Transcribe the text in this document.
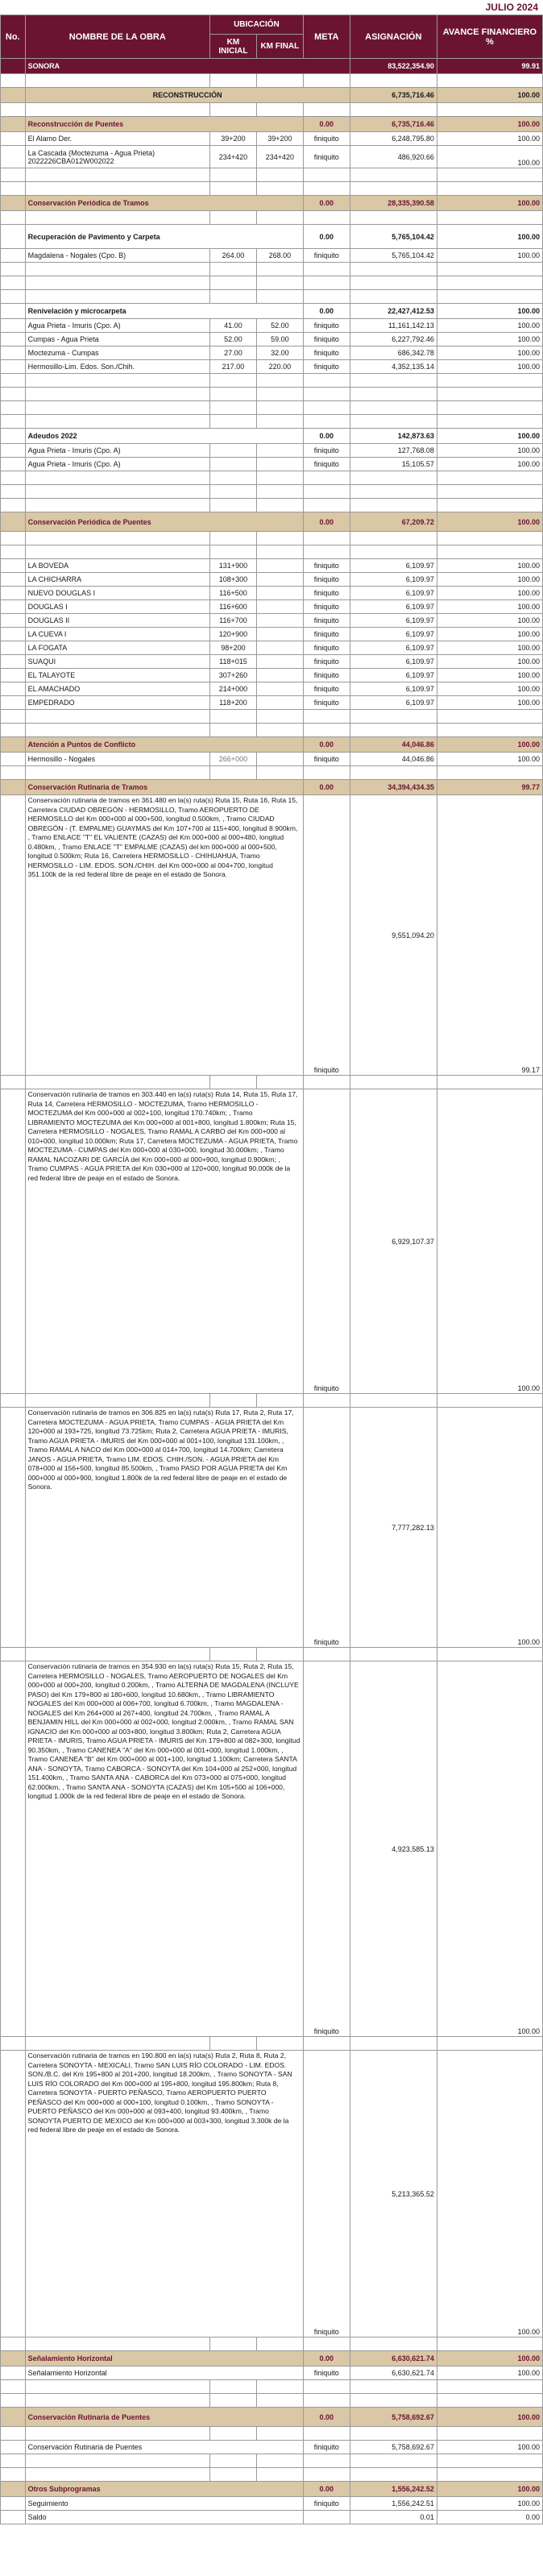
JULIO 2024
No.	NOMBRE DE LA OBRA	UBICACIÓN		META	ASIGNACIÓN	AVANCE FINANCIERO %
		KM INICIAL	KM FINAL			
	SONORA				83,522,354.90	99.91

	RECONSTRUCCIÓN				6,735,716.46	100.00

	Reconstrucción de Puentes			0.00	6,735,716.46	100.00
	El Alamo Der.	39+200	39+200	finiquito	6,248,795.80	100.00
	La Cascada (Moctezuma - Agua Prieta) 2022226CBA012W002022	234+420	234+420	finiquito	486,920.66	100.00

	Conservación Periódica de Tramos			0.00	28,335,390.58	100.00

	Recuperación de Pavimento y Carpeta			0.00	5,765,104.42	100.00
	Magdalena - Nogales (Cpo. B)	264.00	268.00	finiquito	5,765,104.42	100.00

	Renivelación y microcarpeta			0.00	22,427,412.53	100.00
	Agua Prieta - Imuris (Cpo. A)	41.00	52.00	finiquito	11,161,142.13	100.00
	Cumpas - Agua Prieta	52.00	59.00	finiquito	6,227,792.46	100.00
	Moctezuma - Cumpas	27.00	32.00	finiquito	686,342.78	100.00
	Hermosillo-Lim. Edos. Son./Chih.	217.00	220.00	finiquito	4,352,135.14	100.00

	Adeudos 2022			0.00	142,873.63	100.00
	Agua Prieta - Imuris (Cpo. A)			finiquito	127,768.08	100.00
	Agua Prieta - Imuris (Cpo. A)			finiquito	15,105.57	100.00

	Conservación Periódica de Puentes			0.00	67,209.72	100.00

	LA BOVEDA	131+900		finiquito	6,109.97	100.00
	LA CHICHARRA	108+300		finiquito	6,109.97	100.00
	NUEVO DOUGLAS I	116+500		finiquito	6,109.97	100.00
	DOUGLAS I	116+600		finiquito	6,109.97	100.00
	DOUGLAS II	116+700		finiquito	6,109.97	100.00
	LA CUEVA I	120+900		finiquito	6,109.97	100.00
	LA FOGATA	98+200		finiquito	6,109.97	100.00
	SUAQUI	118+015		finiquito	6,109.97	100.00
	EL TALAYOTE	307+260		finiquito	6,109.97	100.00
	EL AMACHADO	214+000		finiquito	6,109.97	100.00
	EMPEDRADO	118+200		finiquito	6,109.97	100.00

	Atención a Puntos de Conflicto			0.00	44,046.86	100.00
	Hermosillo - Nogales	266+000		finiquito	44,046.86	100.00

	Conservación Rutinaria de Tramos			0.00	34,394,434.35	99.77
	Conservación rutinaria de tramos en 361.480 en la(s) ruta(s) Ruta 15, Ruta 16, Ruta 15, Carretera CIUDAD OBREGÓN - HERMOSILLO, Tramo AEROPUERTO DE HERMOSILLO del Km 000+000 al 000+500, longitud 0.500km, , Tramo CIUDAD OBREGÓN - (T. EMPALME) GUAYMAS del Km 107+700 al 115+400, longitud 8.900km, , Tramo ENLACE "T" EL VALIENTE (CAZAS) del Km 000+000 al 000+480, longitud 0.480km, , Tramo ENLACE "T" EMPALME (CAZAS) del km 000+000 al 000+500, longitud 0.500km; Ruta 16, Carretera HERMOSILLO - CHIHUAHUA, Tramo HERMOSILLO - LIM. EDOS. SON./CHIH. del Km 000+000 al 004+700, longitud 351.100k de la red federal libre de peaje en el estado de Sonora.			finiquito	9,551,094.20	99.17

	Conservación rutinaria de tramos en 303.440 en la(s) ruta(s) Ruta 14, Ruta 15, Ruta 17, Ruta 14, Carretera HERMOSILLO - MOCTEZUMA, Tramo HERMOSILLO - MOCTEZUMA del Km 000+000 al 002+100, longitud 170.740km; , Tramo LIBRAMIENTO MOCTEZUMA del Km 000+000 al 001+800, longitud 1.800km; Ruta 15, Carretera HERMOSILLO - NOGALES, Tramo RAMAL A CARBO del Km 000+000 al 010+000, longitud 10.000km; Ruta 17, Carretera MOCTEZUMA - AGUA PRIETA, Tramo MOCTEZUMA - CUMPAS del Km 000+000 al 030+000, longitud 30.000km; , Tramo RAMAL NACOZARI DE GARCÍA del Km 000+000 al 000+900, longitud 0.900km; , Tramo CUMPAS - AGUA PRIETA del Km 030+000 al 120+000, longitud 90.000k de la red federal libre de peaje en el estado de Sonora.			finiquito	6,929,107.37	100.00

	Conservación rutinaria de tramos en 306.825 en la(s) ruta(s) Ruta 17, Ruta 2, Ruta 17, Carretera MOCTEZUMA - AGUA PRIETA, Tramo CUMPAS - AGUA PRIETA del Km 120+000 al 193+725, longitud 73.725km; Ruta 2, Carretera AGUA PRIETA - IMURIS, Tramo AGUA PRIETA - IMURIS del Km 000+000 al 001+100, longitud 131.100km, , Tramo RAMAL A NACO del Km 000+000 al 014+700, longitud 14.700km; Carretera JANOS - AGUA PRIETA, Tramo LIM. EDOS. CHIH./SON. - AGUA PRIETA del Km 078+000 al 156+500, longitud 85.500km, , Tramo PASO POR AGUA PRIETA del Km 000+000 al 000+900, longitud 1.800k de la red federal libre de peaje en el estado de Sonora.			finiquito	7,777,282.13	100.00

	Conservación rutinaria de tramos en 354.930 en la(s) ruta(s) Ruta 15, Ruta 2, Ruta 15, Carretera HERMOSILLO - NOGALES, Tramo AEROPUERTO DE NOGALES del Km 000+000 al 000+200, longitud 0.200km, , Tramo ALTERNA DE MAGDALENA (INCLUYE PASO) del Km 179+800 al 180+600, longitud 10.680km, , Tramo LIBRAMIENTO NOGALES del Km 000+000 al 006+700, longitud 6.700km, , Tramo MAGDALENA - NOGALES del Km 264+000 al 267+400, longitud 24.700km, , Tramo RAMAL A BENJAMIN HILL del Km 000+000 al 002+000, longitud 2.000km, , Tramo RAMAL SAN IGNACIO del Km 000+000 al 003+800, longitud 3.800km; Ruta 2, Carretera AGUA PRIETA - IMURIS, Tramo AGUA PRIETA - IMURIS del Km 179+800 al 082+300, longitud 90.350km, , Tramo CANENEA "A" del Km 000+000 al 001+000, longitud 1.000km, , Tramo CANENEA "B" del Km 000+000 al 001+100, longitud 1.100km; Carretera SANTA ANA - SONOYTA, Tramo CABORCA - SONOYTA del Km 104+000 al 252+000, longitud 151.400km, , Tramo SANTA ANA - CABORCA del Km 073+000 al 075+000, longitud 62.000km, , Tramo SANTA ANA - SONOYTA (CAZAS) del Km 105+500 al 106+000, longitud 1.000k de la red federal libre de peaje en el estado de Sonora.			finiquito	4,923,585.13	100.00

	Conservación rutinaria de tramos en 190.800 en la(s) ruta(s) Ruta 2, Ruta 8, Ruta 2, Carretera SONOYTA - MEXICALI, Tramo SAN LUIS RÍO COLORADO - LIM. EDOS. SON./B.C. del Km 195+800 al 201+200, longitud 18.200km, , Tramo SONOYTA - SAN LUIS RÍO COLORADO del Km 000+000 al 195+800, longitud 195.800km; Ruta 8, Carretera SONOYTA - PUERTO PEÑASCO, Tramo AEROPUERTO PUERTO PEÑASCO del Km 000+000 al 000+100, longitud 0.100km, , Tramo SONOYTA - PUERTO PEÑASCO del Km 000+000 al 093+400, longitud 93.400km, , Tramo SONOYTA PUERTO DE MEXICO del Km 000+000 al 003+300, longitud 3.300k de la red federal libre de peaje en el estado de Sonora.			finiquito	5,213,365.52	100.00

	Señalamiento Horizontal			0.00	6,630,621.74	100.00
	Señalamiento Horizontal			finiquito	6,630,621.74	100.00

	Conservación Rutinaria de Puentes			0.00	5,758,692.67	100.00

	Conservación Rutinaria de Puentes			finiquito	5,758,692.67	100.00

	Otros Subprogramas			0.00	1,556,242.52	100.00
	Seguimiento			finiquito	1,556,242.51	100.00
	Saldo				0.01	0.00
